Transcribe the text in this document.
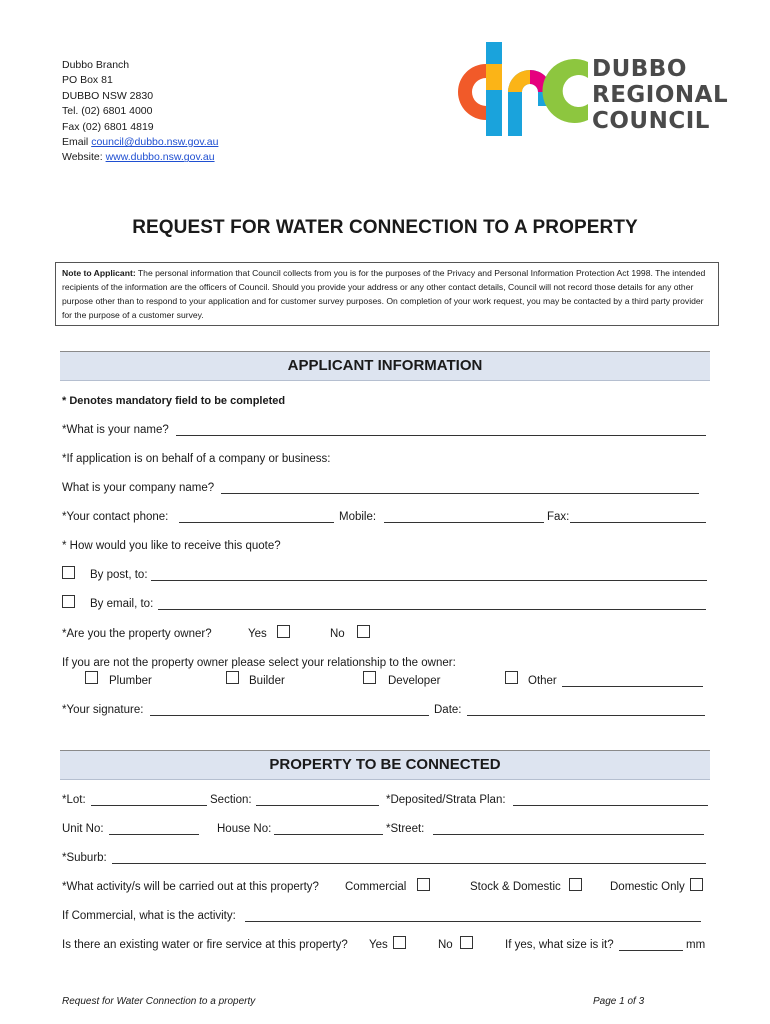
Dubbo Branch
PO Box 81
DUBBO NSW 2830
Tel. (02) 6801 4000
Fax (02) 6801 4819
Email council@dubbo.nsw.gov.au
Website: www.dubbo.nsw.gov.au
DUBBO
REGIONAL
COUNCIL
REQUEST FOR WATER CONNECTION TO A PROPERTY
Note to Applicant: The personal information that Council collects from you is for the purposes of the Privacy and Personal Information Protection Act 1998. The intended recipients of the information are the officers of Council. Should you provide your address or any other contact details, Council will not record those details for any other purpose other than to respond to your application and for customer survey purposes. On completion of your work request, you may be contacted by a third party provider for the purpose of a customer survey.
APPLICANT INFORMATION
* Denotes mandatory field to be completed
*What is your name?
*If application is on behalf of a company or business:
What is your company name?
*Your contact phone:	Mobile:	Fax:
* How would you like to receive this quote?
By post, to:
By email, to:
*Are you the property owner?	Yes	No
If you are not the property owner please select your relationship to the owner:
Plumber	Builder	Developer	Other
*Your signature:	Date:
PROPERTY TO BE CONNECTED
*Lot:	Section:	*Deposited/Strata Plan:
Unit No:	House No:	*Street:
*Suburb:
*What activity/s will be carried out at this property? Commercial	Stock & Domestic	Domestic Only
If Commercial, what is the activity:
Is there an existing water or fire service at this property? Yes	No	If yes, what size is it?	mm
Request for Water Connection to a property	Page 1 of 3
